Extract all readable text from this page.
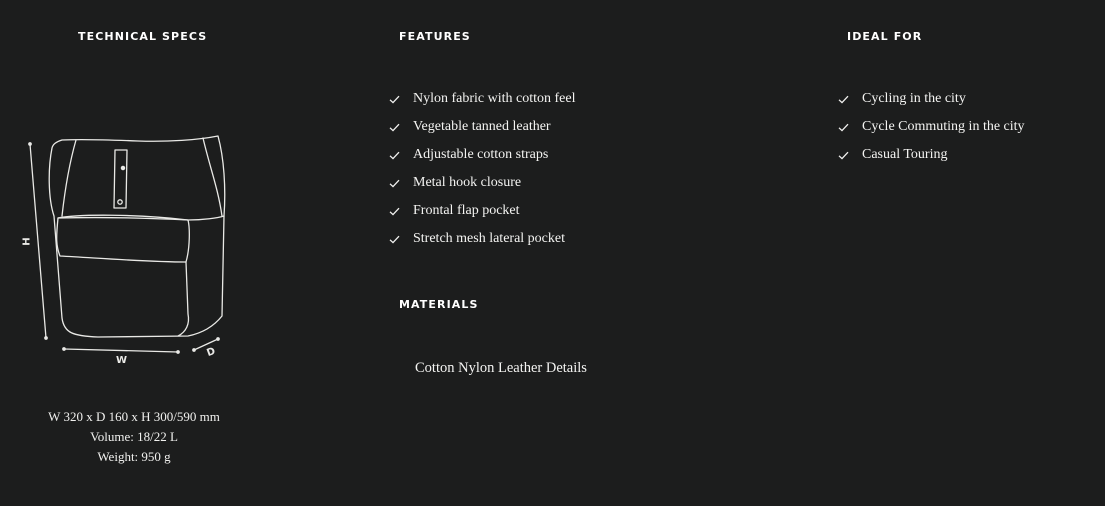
TECHNICAL SPECS
H
W
D
W 320 x D 160 x H 300/590 mm
Volume: 18/22 L
Weight: 950 g
FEATURES
Nylon fabric with cotton feel
Vegetable tanned leather
Adjustable cotton straps
Metal hook closure
Frontal flap pocket
Stretch mesh lateral pocket
MATERIALS
Cotton Nylon Leather Details
IDEAL FOR
Cycling in the city
Cycle Commuting in the city
Casual Touring
